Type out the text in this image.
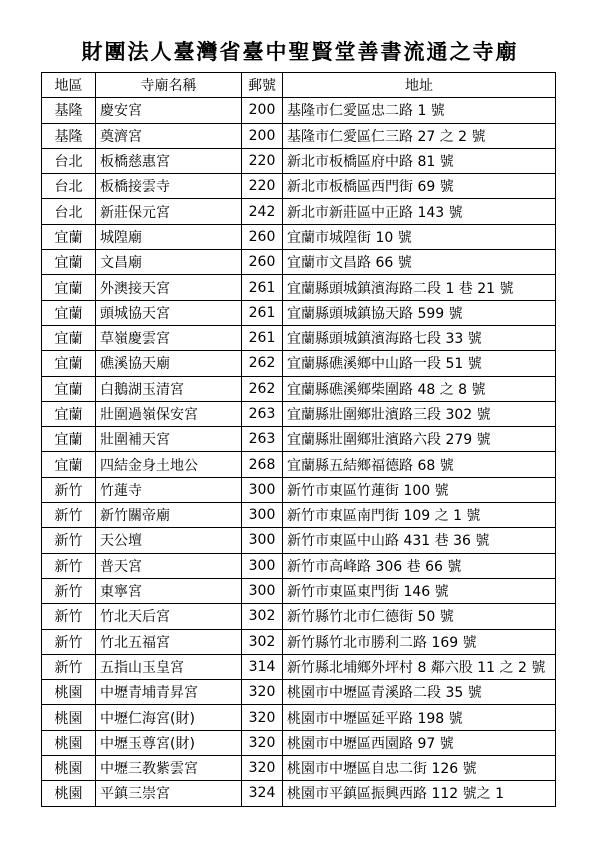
財團法人臺灣省臺中聖賢堂善書流通之寺廟
地區	寺廟名稱	郵號	地址
基隆	慶安宮	200	基隆市仁愛區忠二路 1 號
基隆	奠濟宮	200	基隆市仁愛區仁三路 27 之 2 號
台北	板橋慈惠宮	220	新北市板橋區府中路 81 號
台北	板橋接雲寺	220	新北市板橋區西門街 69 號
台北	新莊保元宮	242	新北市新莊區中正路 143 號
宜蘭	城隍廟	260	宜蘭市城隍街 10 號
宜蘭	文昌廟	260	宜蘭市文昌路 66 號
宜蘭	外澳接天宮	261	宜蘭縣頭城鎮濱海路二段 1 巷 21 號
宜蘭	頭城協天宮	261	宜蘭縣頭城鎮協天路 599 號
宜蘭	草嶺慶雲宮	261	宜蘭縣頭城鎮濱海路七段 33 號
宜蘭	礁溪協天廟	262	宜蘭縣礁溪鄉中山路一段 51 號
宜蘭	白鵝湖玉清宮	262	宜蘭縣礁溪鄉柴圍路 48 之 8 號
宜蘭	壯圍過嶺保安宮	263	宜蘭縣壯圍鄉壯濱路三段 302 號
宜蘭	壯圍補天宮	263	宜蘭縣壯圍鄉壯濱路六段 279 號
宜蘭	四結金身土地公	268	宜蘭縣五結鄉福德路 68 號
新竹	竹蓮寺	300	新竹市東區竹蓮街 100 號
新竹	新竹關帝廟	300	新竹市東區南門街 109 之 1 號
新竹	天公壇	300	新竹市東區中山路 431 巷 36 號
新竹	普天宮	300	新竹市高峰路 306 巷 66 號
新竹	東寧宮	300	新竹市東區東門街 146 號
新竹	竹北天后宮	302	新竹縣竹北市仁德街 50 號
新竹	竹北五福宮	302	新竹縣竹北市勝利二路 169 號
新竹	五指山玉皇宮	314	新竹縣北埔鄉外坪村 8 鄰六股 11 之 2 號
桃園	中壢青埔青昇宮	320	桃園市中壢區青溪路二段 35 號
桃園	中壢仁海宮(財)	320	桃園市中壢區延平路 198 號
桃園	中壢玉尊宮(財)	320	桃園市中壢區西園路 97 號
桃園	中壢三教紫雲宮	320	桃園市中壢區自忠二街 126 號
桃園	平鎮三崇宮	324	桃園市平鎮區振興西路 112 號之 1
